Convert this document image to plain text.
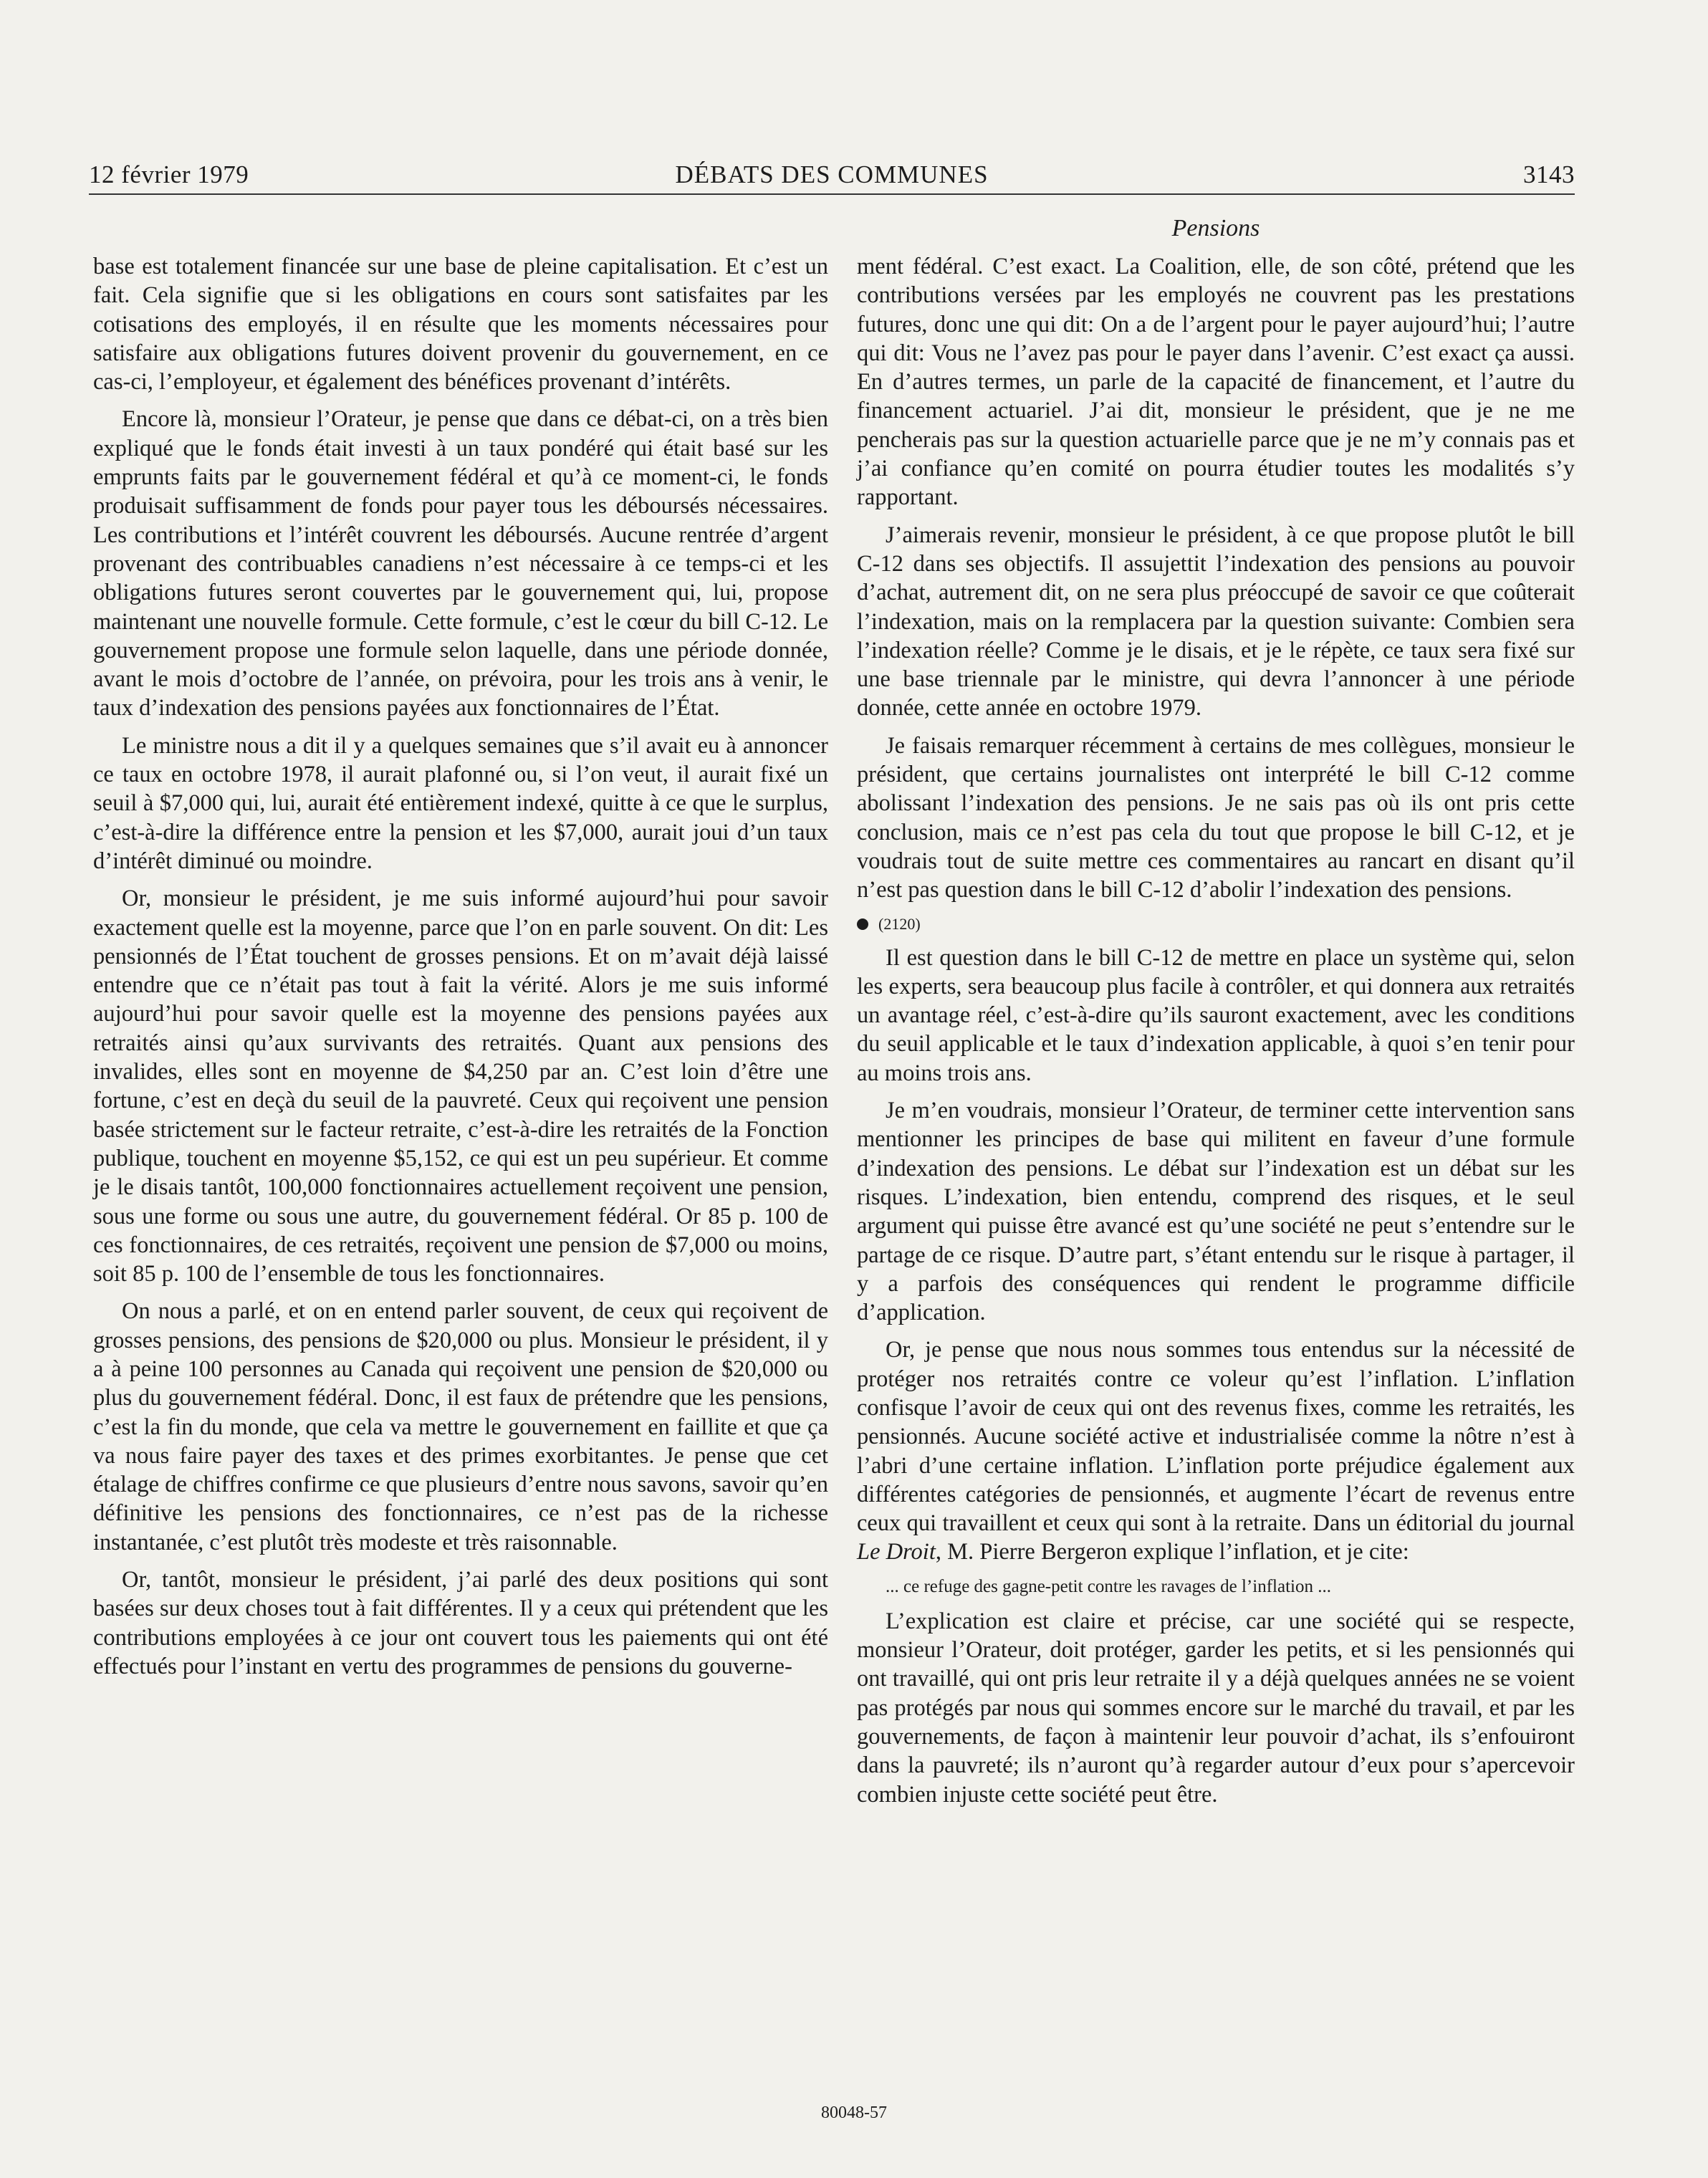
12 février 1979	DÉBATS DES COMMUNES	3143
Pensions

base est totalement financée sur une base de pleine capitalisation. Et c’est un fait. Cela signifie que si les obligations en cours sont satisfaites par les cotisations des employés, il en résulte que les moments nécessaires pour satisfaire aux obligations futures doivent provenir du gouvernement, en ce cas-ci, l’employeur, et également des bénéfices provenant d’intérêts.

Encore là, monsieur l’Orateur, je pense que dans ce débat-ci, on a très bien expliqué que le fonds était investi à un taux pondéré qui était basé sur les emprunts faits par le gouvernement fédéral et qu’à ce moment-ci, le fonds produisait suffisamment de fonds pour payer tous les déboursés nécessaires. Les contributions et l’intérêt couvrent les déboursés. Aucune rentrée d’argent provenant des contribuables canadiens n’est nécessaire à ce temps-ci et les obligations futures seront couvertes par le gouvernement qui, lui, propose maintenant une nouvelle formule. Cette formule, c’est le cœur du bill C-12. Le gouvernement propose une formule selon laquelle, dans une période donnée, avant le mois d’octobre de l’année, on prévoira, pour les trois ans à venir, le taux d’indexation des pensions payées aux fonctionnaires de l’État.

Le ministre nous a dit il y a quelques semaines que s’il avait eu à annoncer ce taux en octobre 1978, il aurait plafonné ou, si l’on veut, il aurait fixé un seuil à $7,000 qui, lui, aurait été entièrement indexé, quitte à ce que le surplus, c’est-à-dire la différence entre la pension et les $7,000, aurait joui d’un taux d’intérêt diminué ou moindre.

Or, monsieur le président, je me suis informé aujourd’hui pour savoir exactement quelle est la moyenne, parce que l’on en parle souvent. On dit: Les pensionnés de l’État touchent de grosses pensions. Et on m’avait déjà laissé entendre que ce n’était pas tout à fait la vérité. Alors je me suis informé aujourd’hui pour savoir quelle est la moyenne des pensions payées aux retraités ainsi qu’aux survivants des retraités. Quant aux pensions des invalides, elles sont en moyenne de $4,250 par an. C’est loin d’être une fortune, c’est en deçà du seuil de la pauvreté. Ceux qui reçoivent une pension basée strictement sur le facteur retraite, c’est-à-dire les retraités de la Fonction publique, touchent en moyenne $5,152, ce qui est un peu supérieur. Et comme je le disais tantôt, 100,000 fonctionnaires actuellement reçoivent une pension, sous une forme ou sous une autre, du gouvernement fédéral. Or 85 p. 100 de ces fonctionnaires, de ces retraités, reçoivent une pension de $7,000 ou moins, soit 85 p. 100 de l’ensemble de tous les fonctionnaires.

On nous a parlé, et on en entend parler souvent, de ceux qui reçoivent de grosses pensions, des pensions de $20,000 ou plus. Monsieur le président, il y a à peine 100 personnes au Canada qui reçoivent une pension de $20,000 ou plus du gouvernement fédéral. Donc, il est faux de prétendre que les pensions, c’est la fin du monde, que cela va mettre le gouvernement en faillite et que ça va nous faire payer des taxes et des primes exorbitantes. Je pense que cet étalage de chiffres confirme ce que plusieurs d’entre nous savons, savoir qu’en définitive les pensions des fonctionnaires, ce n’est pas de la richesse instantanée, c’est plutôt très modeste et très raisonnable.

Or, tantôt, monsieur le président, j’ai parlé des deux positions qui sont basées sur deux choses tout à fait différentes. Il y a ceux qui prétendent que les contributions employées à ce jour ont couvert tous les paiements qui ont été effectués pour l’instant en vertu des programmes de pensions du gouverne-

ment fédéral. C’est exact. La Coalition, elle, de son côté, prétend que les contributions versées par les employés ne couvrent pas les prestations futures, donc une qui dit: On a de l’argent pour le payer aujourd’hui; l’autre qui dit: Vous ne l’avez pas pour le payer dans l’avenir. C’est exact ça aussi. En d’autres termes, un parle de la capacité de financement, et l’autre du financement actuariel. J’ai dit, monsieur le président, que je ne me pencherais pas sur la question actuarielle parce que je ne m’y connais pas et j’ai confiance qu’en comité on pourra étudier toutes les modalités s’y rapportant.

J’aimerais revenir, monsieur le président, à ce que propose plutôt le bill C-12 dans ses objectifs. Il assujettit l’indexation des pensions au pouvoir d’achat, autrement dit, on ne sera plus préoccupé de savoir ce que coûterait l’indexation, mais on la remplacera par la question suivante: Combien sera l’indexation réelle? Comme je le disais, et je le répète, ce taux sera fixé sur une base triennale par le ministre, qui devra l’annoncer à une période donnée, cette année en octobre 1979.

Je faisais remarquer récemment à certains de mes collègues, monsieur le président, que certains journalistes ont interprété le bill C-12 comme abolissant l’indexation des pensions. Je ne sais pas où ils ont pris cette conclusion, mais ce n’est pas cela du tout que propose le bill C-12, et je voudrais tout de suite mettre ces commentaires au rancart en disant qu’il n’est pas question dans le bill C-12 d’abolir l’indexation des pensions.

(2120)

Il est question dans le bill C-12 de mettre en place un système qui, selon les experts, sera beaucoup plus facile à contrôler, et qui donnera aux retraités un avantage réel, c’est-à-dire qu’ils sauront exactement, avec les conditions du seuil applicable et le taux d’indexation applicable, à quoi s’en tenir pour au moins trois ans.

Je m’en voudrais, monsieur l’Orateur, de terminer cette intervention sans mentionner les principes de base qui militent en faveur d’une formule d’indexation des pensions. Le débat sur l’indexation est un débat sur les risques. L’indexation, bien entendu, comprend des risques, et le seul argument qui puisse être avancé est qu’une société ne peut s’entendre sur le partage de ce risque. D’autre part, s’étant entendu sur le risque à partager, il y a parfois des conséquences qui rendent le programme difficile d’application.

Or, je pense que nous nous sommes tous entendus sur la nécessité de protéger nos retraités contre ce voleur qu’est l’inflation. L’inflation confisque l’avoir de ceux qui ont des revenus fixes, comme les retraités, les pensionnés. Aucune société active et industrialisée comme la nôtre n’est à l’abri d’une certaine inflation. L’inflation porte préjudice également aux différentes catégories de pensionnés, et augmente l’écart de revenus entre ceux qui travaillent et ceux qui sont à la retraite. Dans un éditorial du journal Le Droit, M. Pierre Bergeron explique l’inflation, et je cite:

... ce refuge des gagne-petit contre les ravages de l’inflation ...

L’explication est claire et précise, car une société qui se respecte, monsieur l’Orateur, doit protéger, garder les petits, et si les pensionnés qui ont travaillé, qui ont pris leur retraite il y a déjà quelques années ne se voient pas protégés par nous qui sommes encore sur le marché du travail, et par les gouvernements, de façon à maintenir leur pouvoir d’achat, ils s’enfouiront dans la pauvreté; ils n’auront qu’à regarder autour d’eux pour s’apercevoir combien injuste cette société peut être.

80048-57
